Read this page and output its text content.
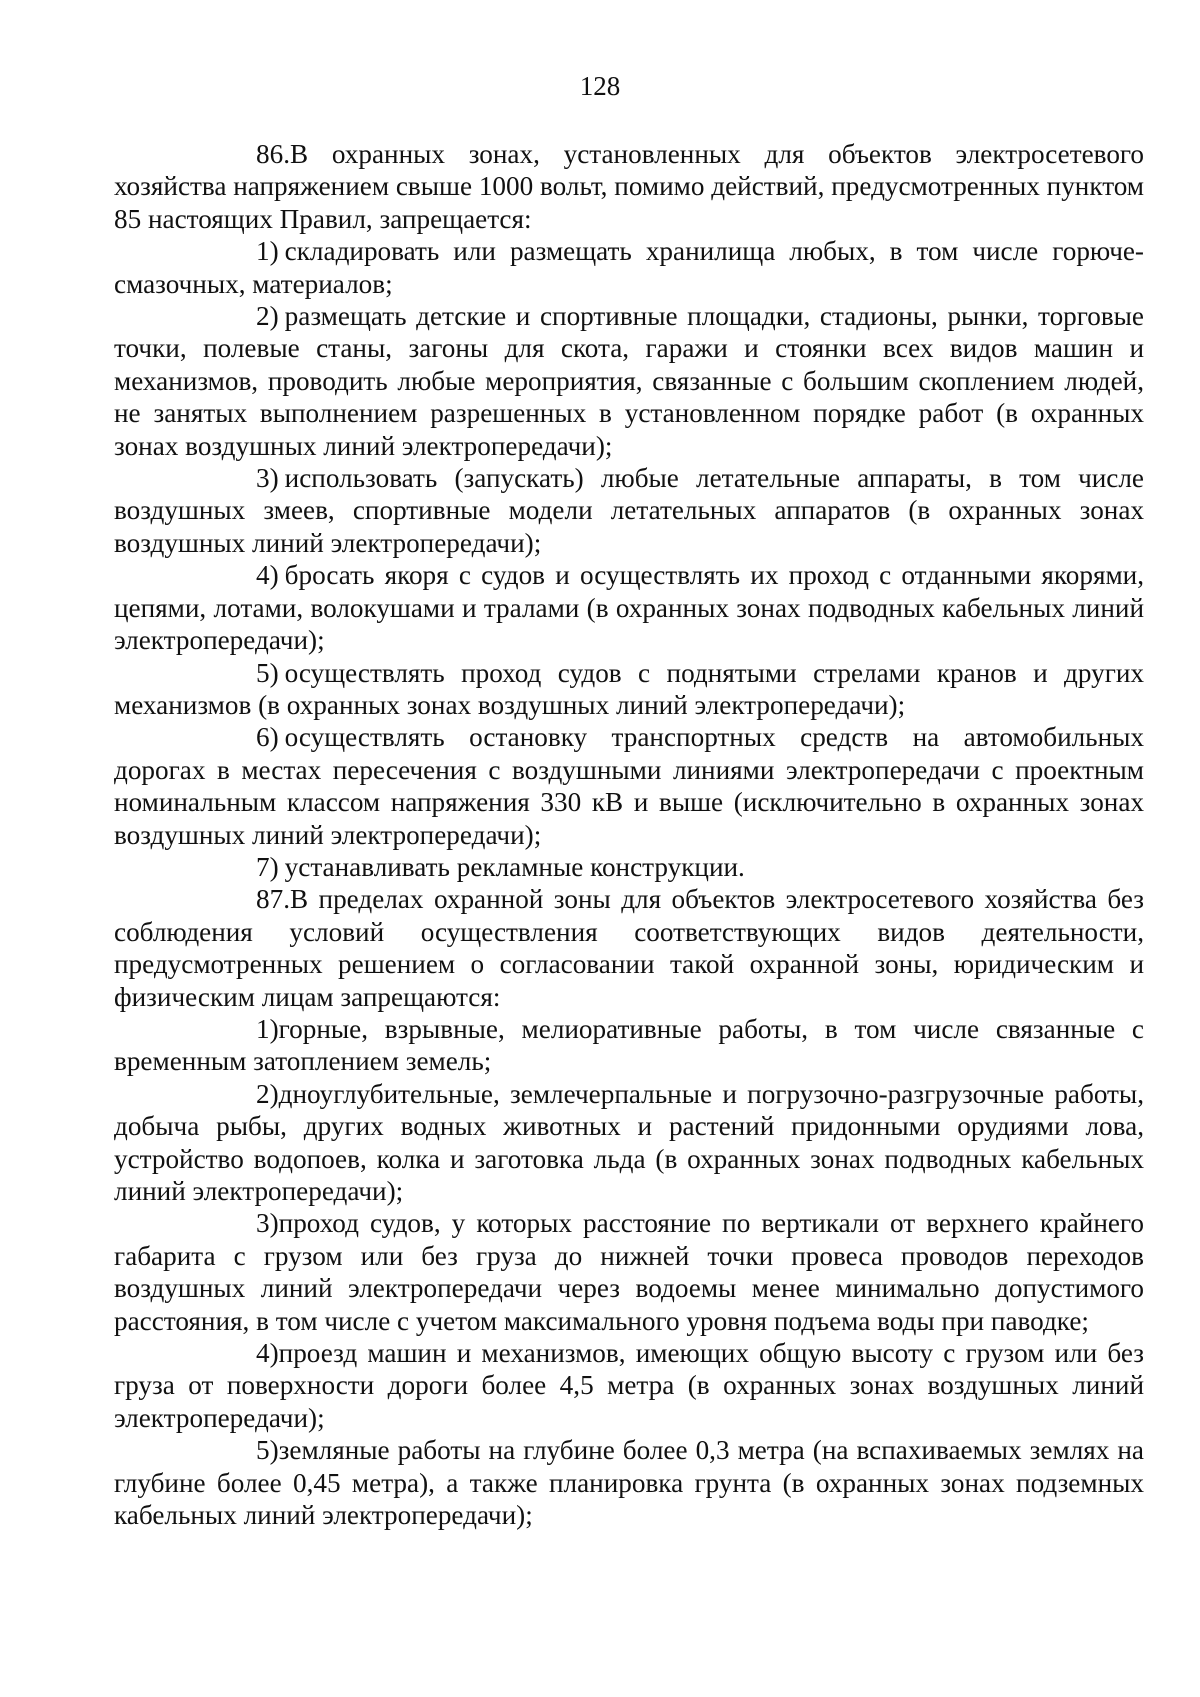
128

86.В охранных зонах, установленных для объектов электросетевого хозяйства напряжением свыше 1000 вольт, помимо действий, предусмотренных пунктом 85 настоящих Правил, запрещается:

1) складировать или размещать хранилища любых, в том числе горюче-смазочных, материалов;

2) размещать детские и спортивные площадки, стадионы, рынки, торговые точки, полевые станы, загоны для скота, гаражи и стоянки всех видов машин и механизмов, проводить любые мероприятия, связанные с большим скоплением людей, не занятых выполнением разрешенных в установленном порядке работ (в охранных зонах воздушных линий электропередачи);

3) использовать (запускать) любые летательные аппараты, в том числе воздушных змеев, спортивные модели летательных аппаратов (в охранных зонах воздушных линий электропередачи);

4) бросать якоря с судов и осуществлять их проход с отданными якорями, цепями, лотами, волокушами и тралами (в охранных зонах подводных кабельных линий электропередачи);

5) осуществлять проход судов с поднятыми стрелами кранов и других механизмов (в охранных зонах воздушных линий электропередачи);

6) осуществлять остановку транспортных средств на автомобильных дорогах в местах пересечения с воздушными линиями электропередачи с проектным номинальным классом напряжения 330 кВ и выше (исключительно в охранных зонах воздушных линий электропередачи);

7) устанавливать рекламные конструкции.

87.В пределах охранной зоны для объектов электросетевого хозяйства без соблюдения условий осуществления соответствующих видов деятельности, предусмотренных решением о согласовании такой охранной зоны, юридическим и физическим лицам запрещаются:

1)горные, взрывные, мелиоративные работы, в том числе связанные с временным затоплением земель;

2)дноуглубительные, землечерпальные и погрузочно-разгрузочные работы, добыча рыбы, других водных животных и растений придонными орудиями лова, устройство водопоев, колка и заготовка льда (в охранных зонах подводных кабельных линий электропередачи);

3)проход судов, у которых расстояние по вертикали от верхнего крайнего габарита с грузом или без груза до нижней точки провеса проводов переходов воздушных линий электропередачи через водоемы менее минимально допустимого расстояния, в том числе с учетом максимального уровня подъема воды при паводке;

4)проезд машин и механизмов, имеющих общую высоту с грузом или без груза от поверхности дороги более 4,5 метра (в охранных зонах воздушных линий электропередачи);

5)земляные работы на глубине более 0,3 метра (на вспахиваемых землях на глубине более 0,45 метра), а также планировка грунта (в охранных зонах подземных кабельных линий электропередачи);
